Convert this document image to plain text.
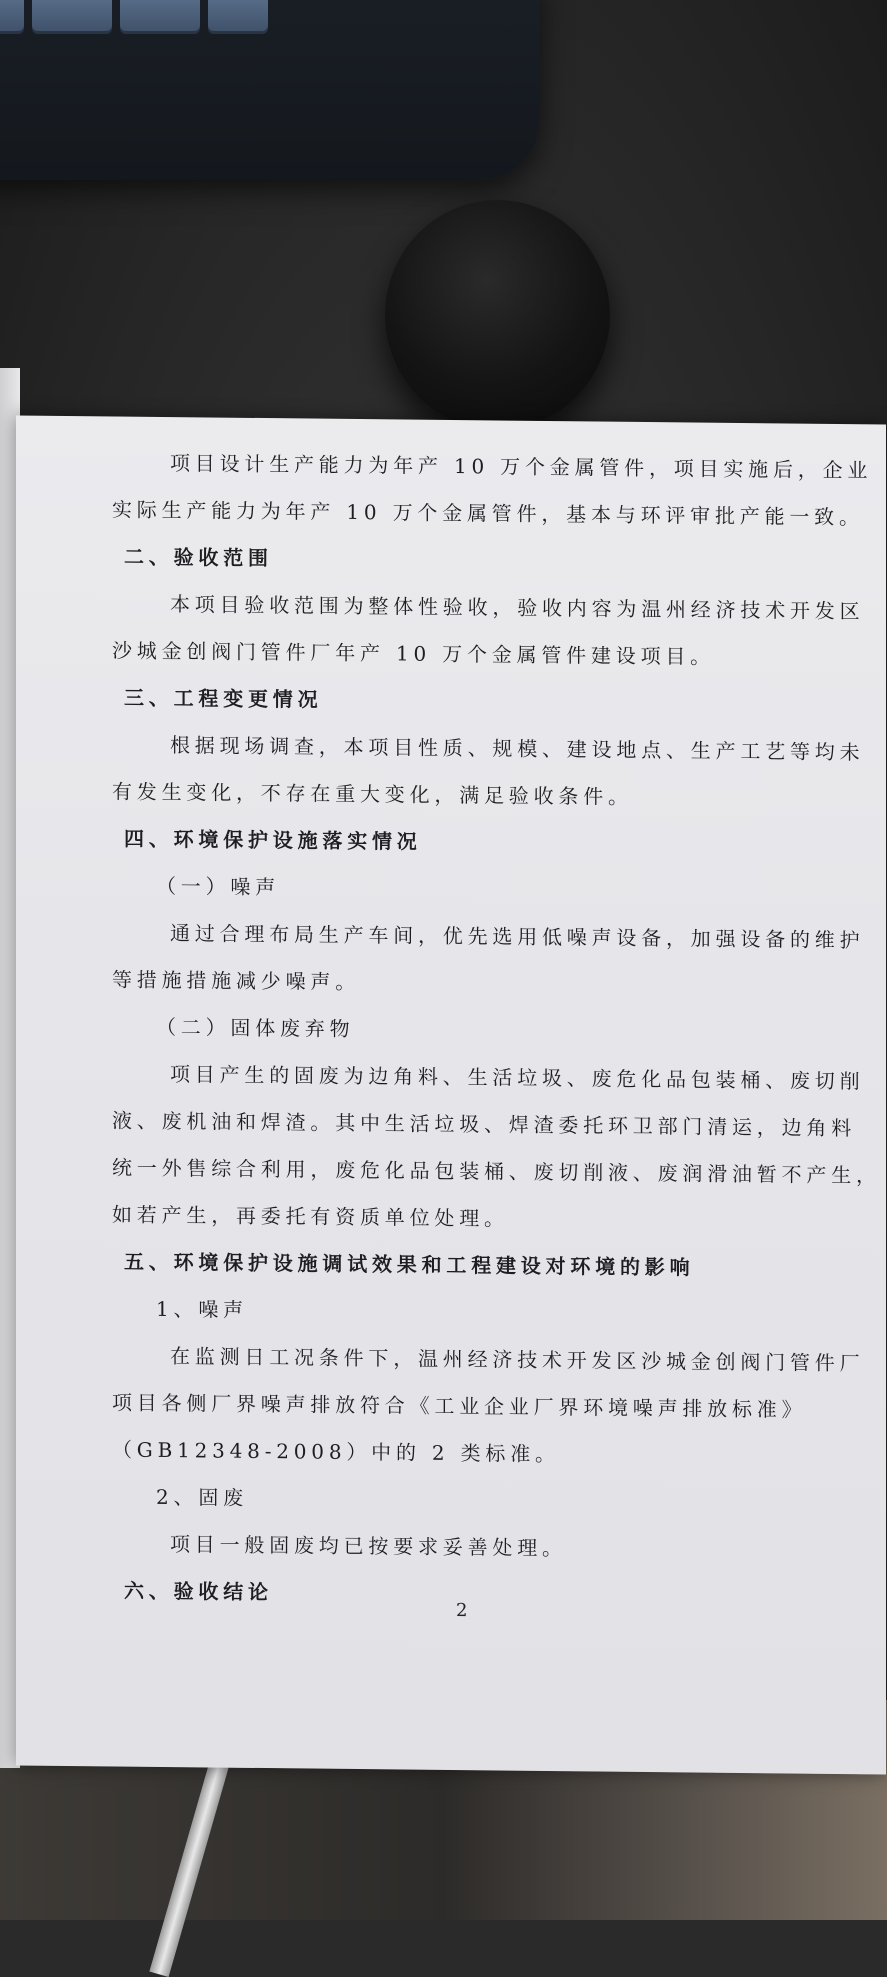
项目设计生产能力为年产 10 万个金属管件，项目实施后，企业
实际生产能力为年产 10 万个金属管件，基本与环评审批产能一致。
二、验收范围
本项目验收范围为整体性验收，验收内容为温州经济技术开发区
沙城金创阀门管件厂年产 10 万个金属管件建设项目。
三、工程变更情况
根据现场调查，本项目性质、规模、建设地点、生产工艺等均未
有发生变化，不存在重大变化，满足验收条件。
四、环境保护设施落实情况
（一）噪声
通过合理布局生产车间，优先选用低噪声设备，加强设备的维护
等措施措施减少噪声。
（二）固体废弃物
项目产生的固废为边角料、生活垃圾、废危化品包装桶、废切削
液、废机油和焊渣。其中生活垃圾、焊渣委托环卫部门清运，边角料
统一外售综合利用，废危化品包装桶、废切削液、废润滑油暂不产生，
如若产生，再委托有资质单位处理。
五、环境保护设施调试效果和工程建设对环境的影响
1、噪声
在监测日工况条件下，温州经济技术开发区沙城金创阀门管件厂
项目各侧厂界噪声排放符合《工业企业厂界环境噪声排放标准》
（GB12348-2008）中的 2 类标准。
2、固废
项目一般固废均已按要求妥善处理。
六、验收结论
2
